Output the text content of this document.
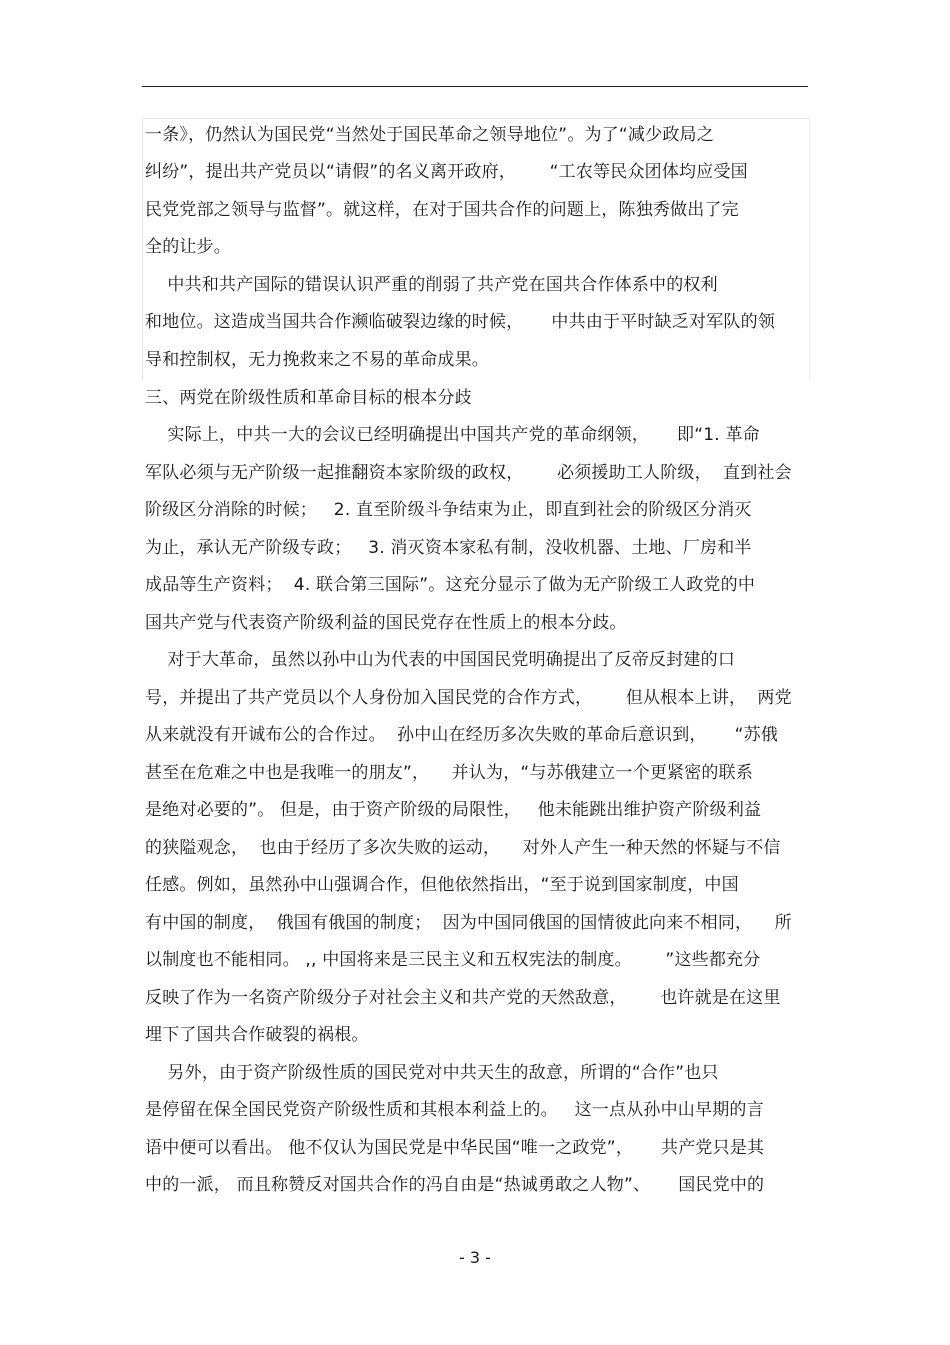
一条》，仍然认为国民党“当然处于国民革命之领导地位”。为了“减少政局之
纠纷”，提出共产党员以“请假”的名义离开政府，      “工农等民众团体均应受国
民党党部之领导与监督”。就这样，在对于国共合作的问题上，陈独秀做出了完
全的让步。
中共和共产国际的错误认识严重的削弱了共产党在国共合作体系中的权利
和地位。这造成当国共合作濒临破裂边缘的时候，     中共由于平时缺乏对军队的领
导和控制权，无力挽救来之不易的革命成果。
三、两党在阶级性质和革命目标的根本分歧
实际上，中共一大的会议已经明确提出中国共产党的革命纲领，     即“1. 革命
军队必须与无产阶级一起推翻资本家阶级的政权，      必须援助工人阶级，  直到社会
阶级区分消除的时候；   2. 直至阶级斗争结束为止，即直到社会的阶级区分消灭
为止，承认无产阶级专政；   3. 消灭资本家私有制，没收机器、土地、厂房和半
成品等生产资料；  4. 联合第三国际”。这充分显示了做为无产阶级工人政党的中
国共产党与代表资产阶级利益的国民党存在性质上的根本分歧。
对于大革命，虽然以孙中山为代表的中国国民党明确提出了反帝反封建的口
号，并提出了共产党员以个人身份加入国民党的合作方式，      但从根本上讲，  两党
从来就没有开诚布公的合作过。  孙中山在经历多次失败的革命后意识到，     “苏俄
甚至在危难之中也是我唯一的朋友”，    并认为，“与苏俄建立一个更紧密的联系
是绝对必要的”。 但是，由于资产阶级的局限性，   他未能跳出维护资产阶级利益
的狭隘观念，  也由于经历了多次失败的运动，    对外人产生一种天然的怀疑与不信
任感。例如，虽然孙中山强调合作，但他依然指出，“至于说到国家制度，中国
有中国的制度，  俄国有俄国的制度；  因为中国同俄国的国情彼此向来不相同，    所
以制度也不能相同。 ,, 中国将来是三民主义和五权宪法的制度。      ”这些都充分
反映了作为一名资产阶级分子对社会主义和共产党的天然敌意，      也许就是在这里
埋下了国共合作破裂的祸根。
另外，由于资产阶级性质的国民党对中共天生的敌意，所谓的“合作”也只
是停留在保全国民党资产阶级性质和其根本利益上的。   这一点从孙中山早期的言
语中便可以看出。 他不仅认为国民党是中华民国“唯一之政党”，     共产党只是其
中的一派， 而且称赞反对国共合作的冯自由是“热诚勇敢之人物”、     国民党中的
- 3 -
